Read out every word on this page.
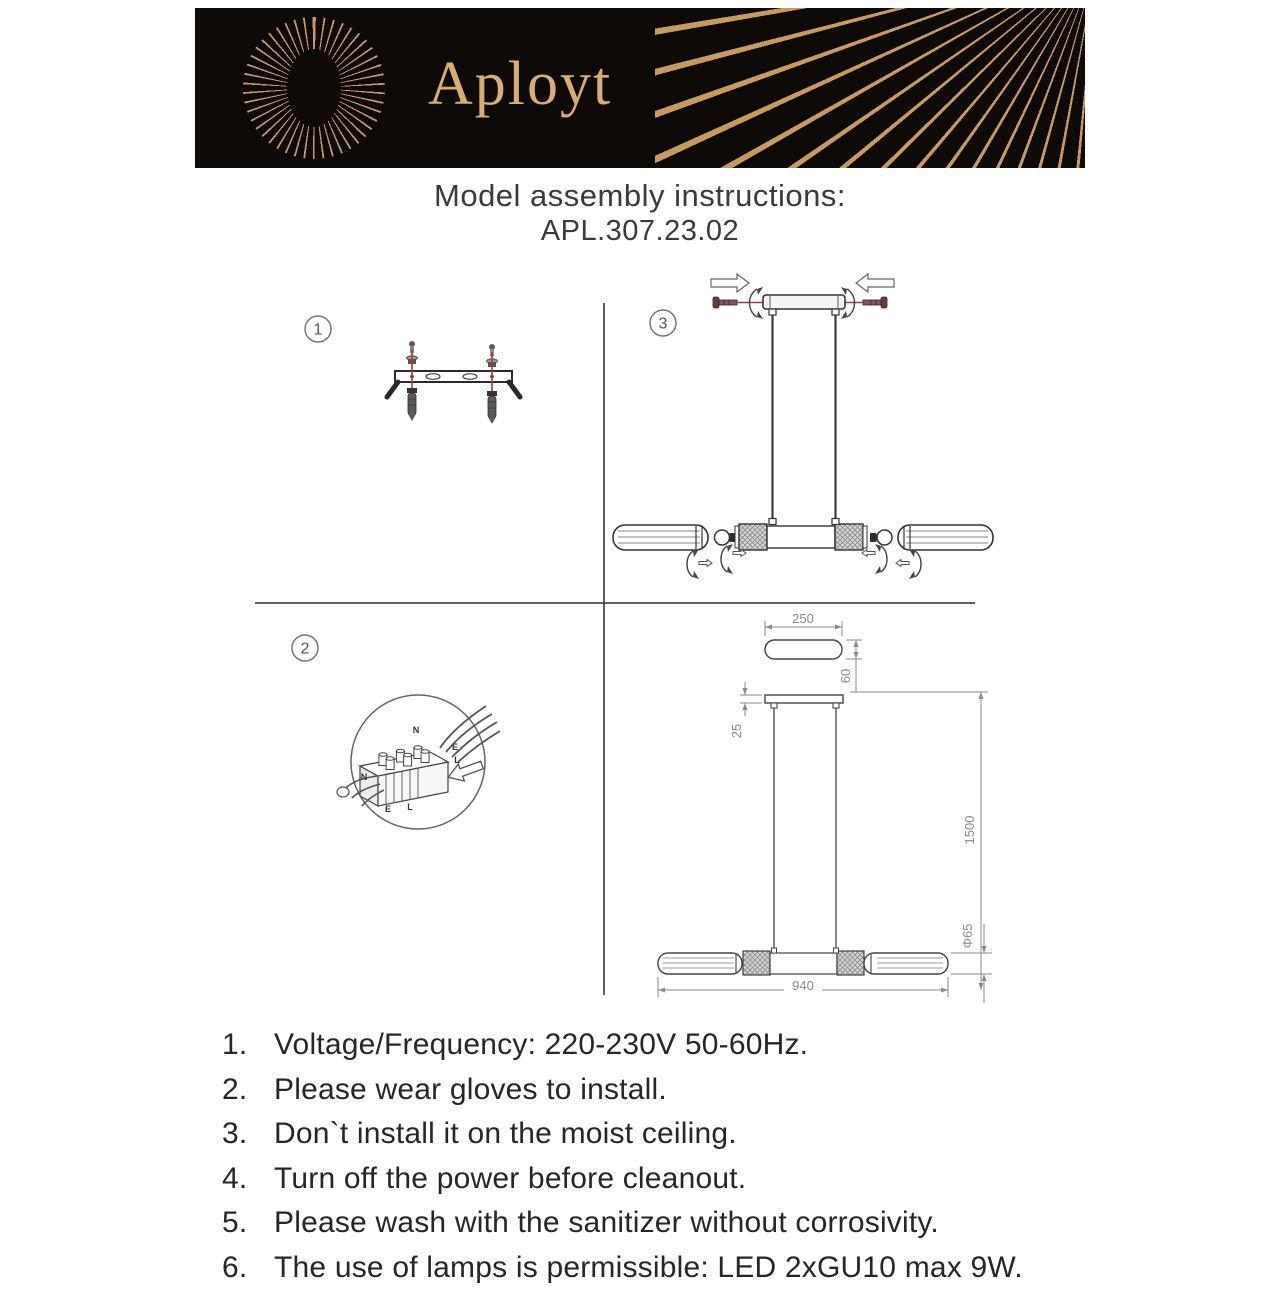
Aployt
Model assembly instructions:
APL.307.23.02
1	3
2
N
E
L
N
E L
250
60
25
1500
940
Φ65
1. Voltage/Frequency: 220-230V 50-60Hz.
2. Please wear gloves to install.
3. Don`t install it on the moist ceiling.
4. Turn off the power before cleanout.
5. Please wash with the sanitizer without corrosivity.
6. The use of lamps is permissible: LED 2xGU10 max 9W.
